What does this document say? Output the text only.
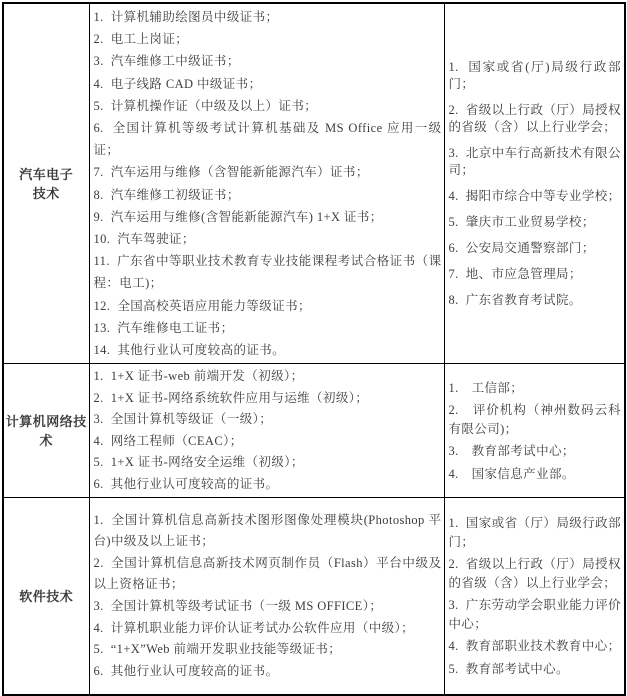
汽车电子
技术

1.  计算机辅助绘图员中级证书；
2.  电工上岗证；
3.  汽车维修工中级证书；
4.  电子线路 CAD 中级证书；
5.  计算机操作证（中级及以上）证书；
6.  全国计算机等级考试计算机基础及 MS Office 应用一级证；
7.  汽车运用与维修（含智能新能源汽车）证书；
8.  汽车维修工初级证书；
9.  汽车运用与维修(含智能新能源汽车) 1+X 证书；
10.  汽车驾驶证；
11.  广东省中等职业技术教育专业技能课程考试合格证书（课程：电工)；
12.  全国高校英语应用能力等级证书；
13.  汽车维修电工证书；
14.  其他行业认可度较高的证书。

1.  国家或省(厅)局级行政部门；
2.  省级以上行政（厅）局授权的省级（含）以上行业学会；
3.  北京中车行高新技术有限公司；
4.  揭阳市综合中等专业学校；
5.  肇庆市工业贸易学校；
6.  公安局交通警察部门；
7.  地、市应急管理局；
8.  广东省教育考试院。

计算机网络技
术

1.  1+X 证书-web 前端开发（初级）；
2.  1+X 证书-网络系统软件应用与运维（初级）；
3.  全国计算机等级证（一级）；
4.  网络工程师（CEAC）；
5.  1+X 证书-网络安全运维（初级）；
6.  其他行业认可度较高的证书。

1.　工信部；
2.　评价机构（神州数码云科有限公司)；
3.　教育部考试中心；
4.　国家信息产业部。

软件技术

1.  全国计算机信息高新技术图形图像处理模块(Photoshop 平台)中级及以上证书；
2.  全国计算机信息高新技术网页制作员（Flash）平台中级及以上资格证书；
3.  全国计算机等级考试证书（一级 MS OFFICE）；
4.  计算机职业能力评价认证考试办公软件应用（中级）；
5.  “1+X”Web 前端开发职业技能等级证书；
6.  其他行业认可度较高的证书。

1.  国家或省（厅）局级行政部门；
2.  省级以上行政（厅）局授权的省级（含）以上行业学会；
3.  广东劳动学会职业能力评价中心；
4.  教育部职业技术教育中心；
5.  教育部考试中心。
